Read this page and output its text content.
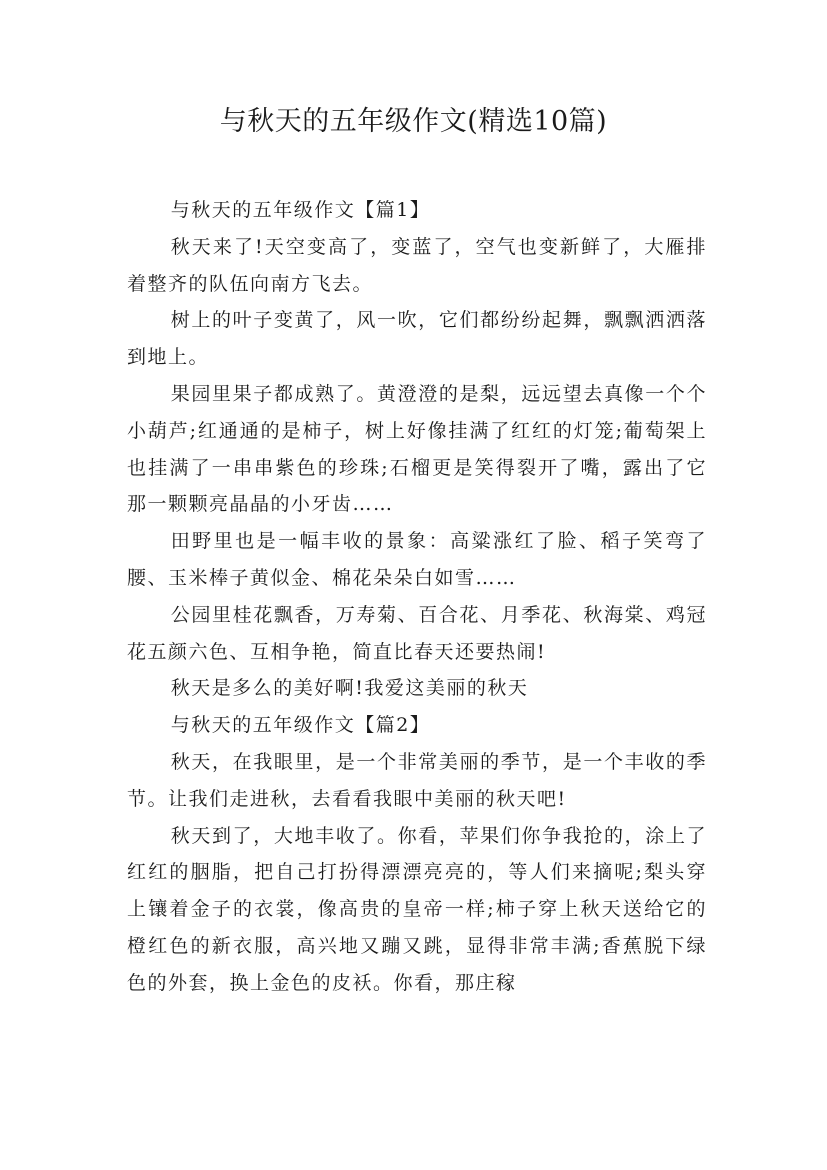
与秋天的五年级作文(精选10篇)

与秋天的五年级作文【篇1】

秋天来了!天空变高了，变蓝了，空气也变新鲜了，大雁排着整齐的队伍向南方飞去。

树上的叶子变黄了，风一吹，它们都纷纷起舞，飘飘洒洒落到地上。

果园里果子都成熟了。黄澄澄的是梨，远远望去真像一个个小葫芦;红通通的是柿子，树上好像挂满了红红的灯笼;葡萄架上也挂满了一串串紫色的珍珠;石榴更是笑得裂开了嘴，露出了它那一颗颗亮晶晶的小牙齿……

田野里也是一幅丰收的景象：高粱涨红了脸、稻子笑弯了腰、玉米棒子黄似金、棉花朵朵白如雪……

公园里桂花飘香，万寿菊、百合花、月季花、秋海棠、鸡冠花五颜六色、互相争艳，简直比春天还要热闹!

秋天是多么的美好啊!我爱这美丽的秋天

与秋天的五年级作文【篇2】

秋天，在我眼里，是一个非常美丽的季节，是一个丰收的季节。让我们走进秋，去看看我眼中美丽的秋天吧!

秋天到了，大地丰收了。你看，苹果们你争我抢的，涂上了红红的胭脂，把自己打扮得漂漂亮亮的，等人们来摘呢;梨头穿上镶着金子的衣裳，像高贵的皇帝一样;柿子穿上秋天送给它的橙红色的新衣服，高兴地又蹦又跳，显得非常丰满;香蕉脱下绿色的外套，换上金色的皮袄。你看，那庄稼
